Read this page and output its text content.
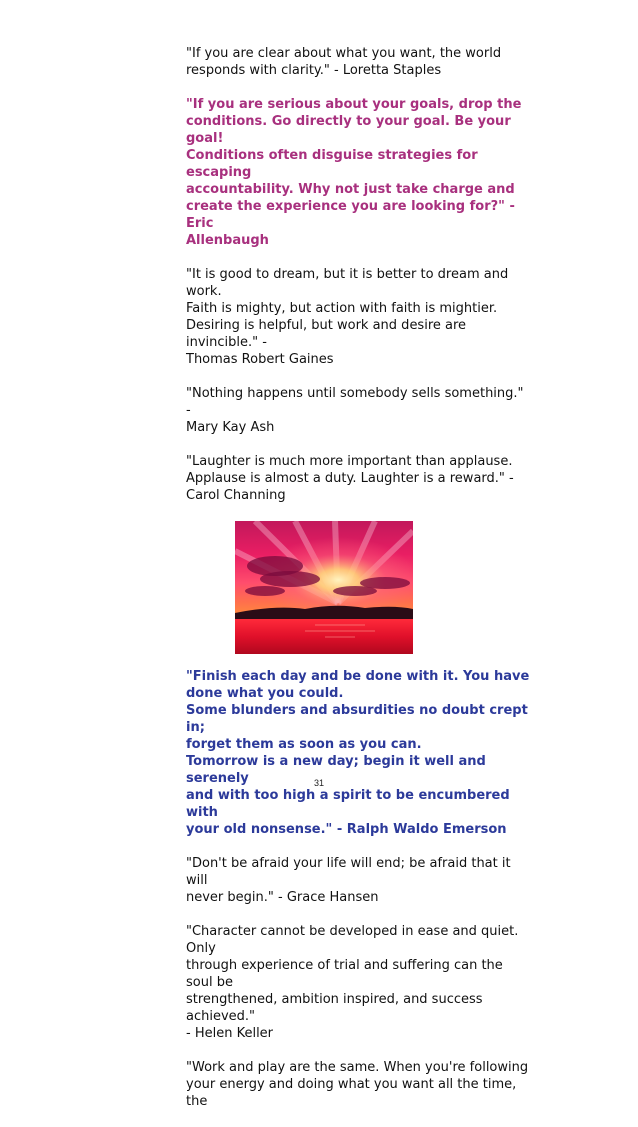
"If you are clear about what you want, the world
responds with clarity." - Loretta Staples
"If you are serious about your goals, drop the
conditions. Go directly to your goal. Be your goal!
Conditions often disguise strategies for escaping
accountability. Why not just take charge and
create the experience you are looking for?" - Eric
Allenbaugh
"It is good to dream, but it is better to dream and work.
Faith is mighty, but action with faith is mightier.
Desiring is helpful, but work and desire are invincible." -
Thomas Robert Gaines
"Nothing happens until somebody sells something." -
Mary Kay Ash
"Laughter is much more important than applause.
Applause is almost a duty. Laughter is a reward." -
Carol Channing
"Finish each day and be done with it. You have
done what you could.
Some blunders and absurdities no doubt crept in;
forget them as soon as you can.
Tomorrow is a new day; begin it well and serenely
and with too high a spirit to be encumbered with
your old nonsense." - Ralph Waldo Emerson
"Don't be afraid your life will end; be afraid that it will
never begin." - Grace Hansen
"Character cannot be developed in ease and quiet. Only
through experience of trial and suffering can the soul be
strengthened, ambition inspired, and success achieved."
- Helen Keller
"Work and play are the same. When you're following
your energy and doing what you want all the time, the
31
